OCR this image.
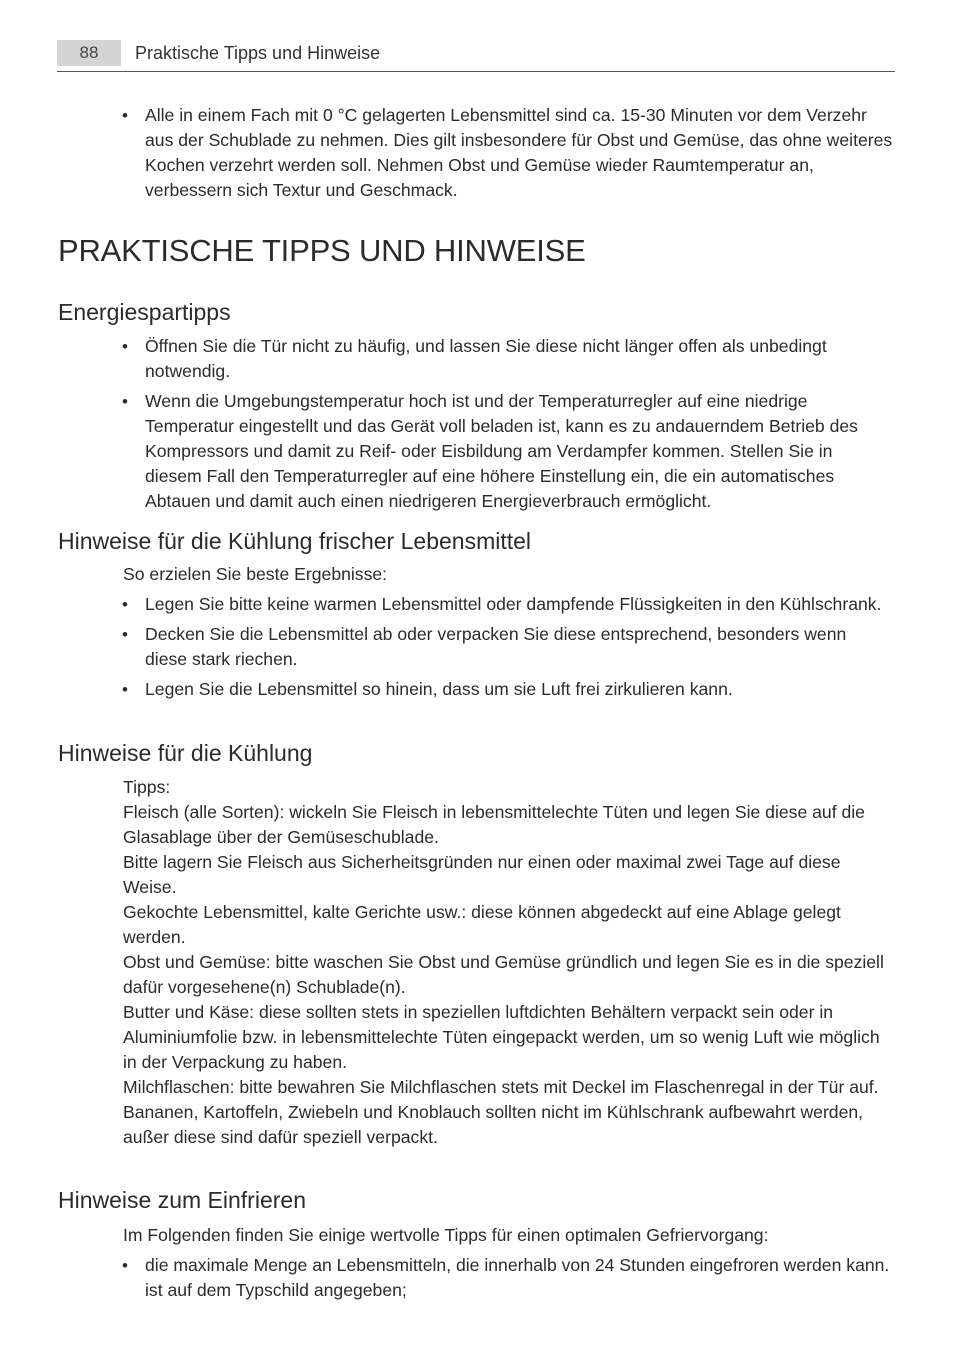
88	Praktische Tipps und Hinweise
• Alle in einem Fach mit 0 °C gelagerten Lebensmittel sind ca. 15-30 Minuten vor dem Verzehr aus der Schublade zu nehmen. Dies gilt insbesondere für Obst und Gemüse, das ohne weiteres Kochen verzehrt werden soll. Nehmen Obst und Gemüse wieder Raumtemperatur an, verbessern sich Textur und Geschmack.
PRAKTISCHE TIPPS UND HINWEISE
Energiespartipps
• Öffnen Sie die Tür nicht zu häufig, und lassen Sie diese nicht länger offen als unbedingt notwendig.
• Wenn die Umgebungstemperatur hoch ist und der Temperaturregler auf eine niedrige Temperatur eingestellt und das Gerät voll beladen ist, kann es zu andauerndem Betrieb des Kompressors und damit zu Reif- oder Eisbildung am Verdampfer kommen. Stellen Sie in diesem Fall den Temperaturregler auf eine höhere Einstellung ein, die ein automatisches Abtauen und damit auch einen niedrigeren Energieverbrauch ermöglicht.
Hinweise für die Kühlung frischer Lebensmittel

So erzielen Sie beste Ergebnisse:

• Legen Sie bitte keine warmen Lebensmittel oder dampfende Flüssigkeiten in den Kühlschrank.
• Decken Sie die Lebensmittel ab oder verpacken Sie diese entsprechend, besonders wenn diese stark riechen.
• Legen Sie die Lebensmittel so hinein, dass um sie Luft frei zirkulieren kann.
Hinweise für die Kühlung

Tipps:

Fleisch (alle Sorten): wickeln Sie Fleisch in lebensmittelechte Tüten und legen Sie diese auf die Glasablage über der Gemüseschublade.

Bitte lagern Sie Fleisch aus Sicherheitsgründen nur einen oder maximal zwei Tage auf diese Weise.

Gekochte Lebensmittel, kalte Gerichte usw.: diese können abgedeckt auf eine Ablage gelegt werden.

Obst und Gemüse: bitte waschen Sie Obst und Gemüse gründlich und legen Sie es in die speziell dafür vorgesehene(n) Schublade(n).

Butter und Käse: diese sollten stets in speziellen luftdichten Behältern verpackt sein oder in Aluminiumfolie bzw. in lebensmittelechte Tüten eingepackt werden, um so wenig Luft wie möglich in der Verpackung zu haben.

Milchflaschen: bitte bewahren Sie Milchflaschen stets mit Deckel im Flaschenregal in der Tür auf.

Bananen, Kartoffeln, Zwiebeln und Knoblauch sollten nicht im Kühlschrank aufbewahrt werden, außer diese sind dafür speziell verpackt.

Hinweise zum Einfrieren

Im Folgenden finden Sie einige wertvolle Tipps für einen optimalen Gefriervorgang:

• die maximale Menge an Lebensmitteln, die innerhalb von 24 Stunden eingefroren werden kann. ist auf dem Typschild angegeben;
